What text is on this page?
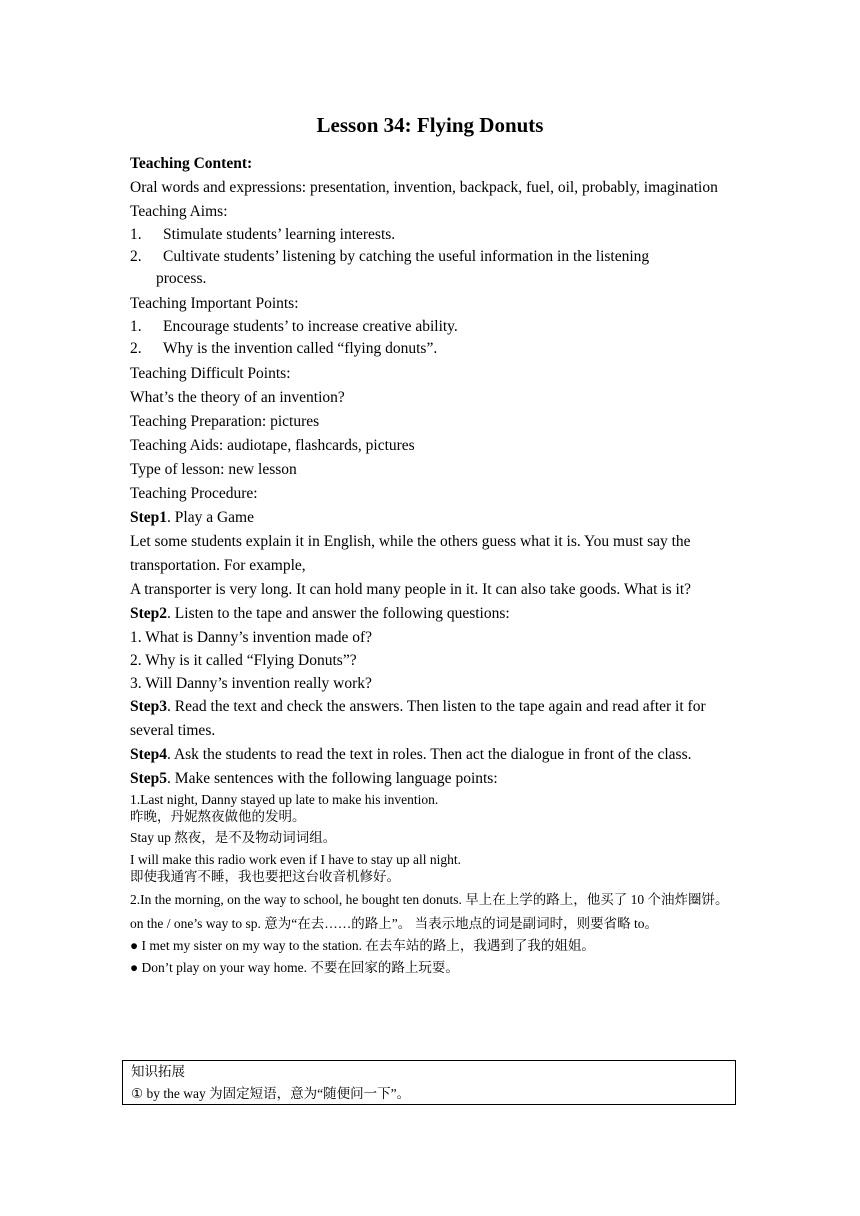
Lesson 34: Flying Donuts

Teaching Content:

Oral words and expressions: presentation, invention, backpack, fuel, oil, probably, imagination

Teaching Aims:

1. Stimulate students’ learning interests.
2. Cultivate students’ listening by catching the useful information in the listening
process.

Teaching Important Points:

1. Encourage students’ to increase creative ability.
2. Why is the invention called “flying donuts”.

Teaching Difficult Points:

What’s the theory of an invention?

Teaching Preparation: pictures

Teaching Aids: audiotape, flashcards, pictures

Type of lesson: new lesson

Teaching Procedure:

Step1. Play a Game

Let some students explain it in English, while the others guess what it is. You must say the transportation. For example,

A transporter is very long. It can hold many people in it. It can also take goods. What is it?

Step2. Listen to the tape and answer the following questions:

1. What is Danny’s invention made of?

2. Why is it called “Flying Donuts”?

3. Will Danny’s invention really work?

Step3. Read the text and check the answers. Then listen to the tape again and read after it for several times.

Step4. Ask the students to read the text in roles. Then act the dialogue in front of the class.

Step5. Make sentences with the following language points:

1.Last night, Danny stayed up late to make his invention.

昨晚，丹妮熬夜做他的发明。

Stay up 熬夜，是不及物动词词组。

I will make this radio work even if I have to stay up all night.

即使我通宵不睡，我也要把这台收音机修好。

2.In the morning, on the way to school, he bought ten donuts. 早上在上学的路上，他买了 10 个油炸圈饼。

on the / one’s way to sp. 意为“在去……的路上”。 当表示地点的词是副词时，则要省略 to。

● I met my sister on my way to the station. 在去车站的路上，我遇到了我的姐姐。

● Don’t play on your way home. 不要在回家的路上玩耍。

知识拓展
① by the way 为固定短语，意为“随便问一下”。
